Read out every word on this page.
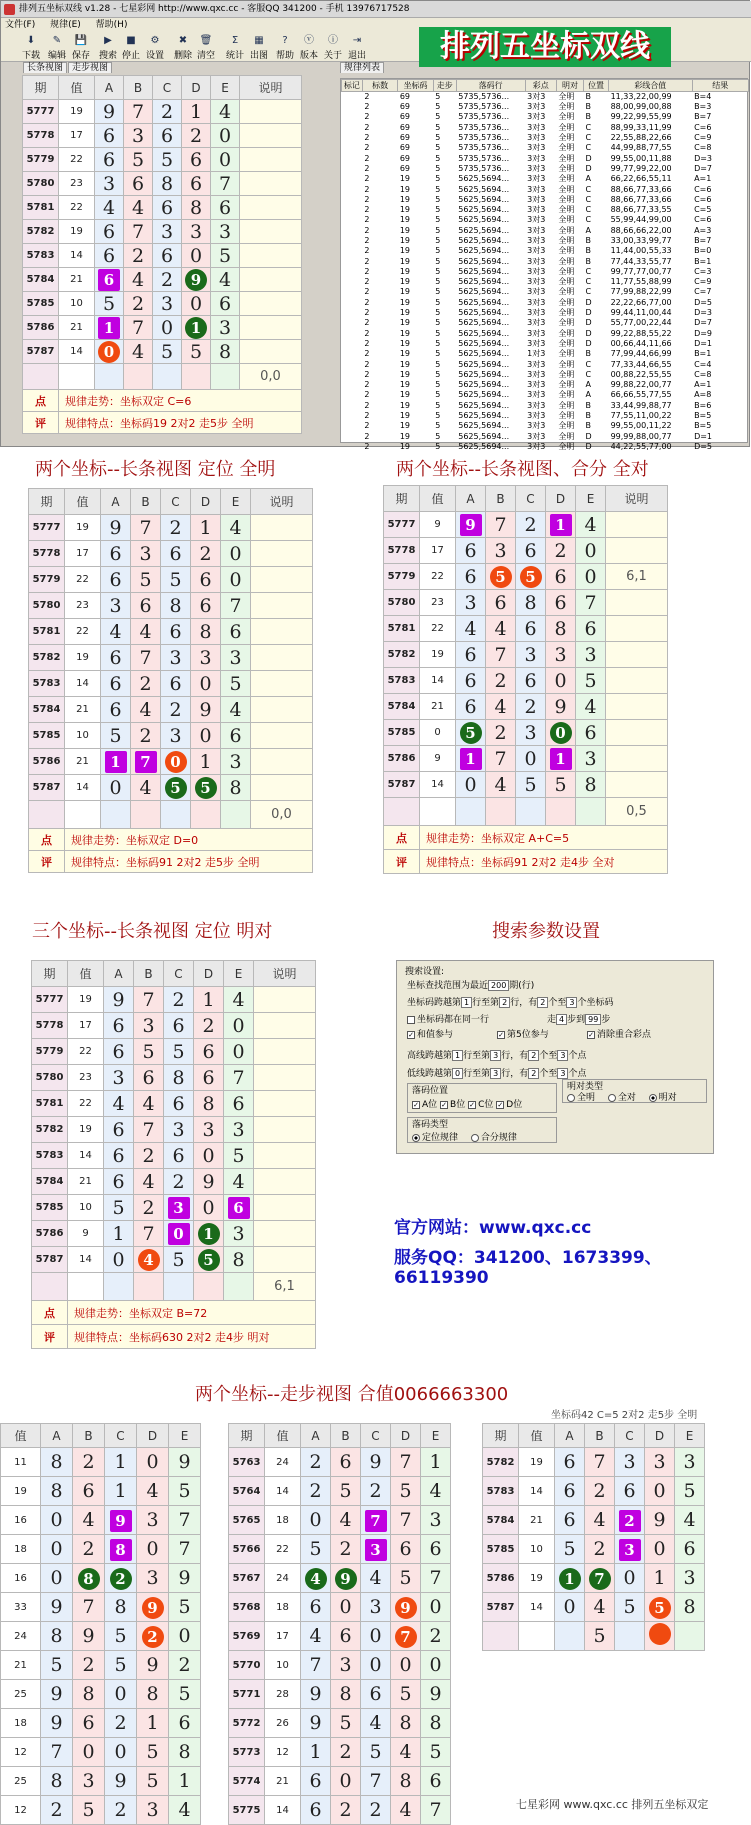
排列五坐标双线 v1.28 - 七星彩网 http://www.qxc.cc - 客服QQ 341200 - 手机 13976717528
文件(F) 规律(E) 帮助(H)
⬇
下载
✎
编辑
💾
保存
▶
搜索
■
停止
⚙
设置
✖
删除
🗑
清空
Σ
统计
▦
出图
?
帮助
ⓥ
版本
ⓘ
关于
⇥
退出	排列五坐标双线
长条视图 走步视图	规律列表
标记	标数	坐标码	走步	落码行	彩点	明对	位置	彩线合值	结果
	2	69	5	5735,5736...	3对3	全明	B	11,33,22,00,99	B=4
	2	69	5	5735,5736...	3对3	全明	B	88,00,99,00,88	B=3
	2	69	5	5735,5736...	3对3	全明	B	99,22,99,55,99	B=7
	2	69	5	5735,5736...	3对3	全明	C	88,99,33,11,99	C=6
	2	69	5	5735,5736...	3对3	全明	C	22,55,88,22,66	C=9
	2	69	5	5735,5736...	3对3	全明	C	44,99,88,77,55	C=8
	2	69	5	5735,5736...	3对3	全明	D	99,55,00,11,88	D=3
	2	69	5	5735,5736...	3对3	全明	D	99,77,99,22,00	D=7
	2	19	5	5625,5694...	3对3	全明	A	66,22,66,55,11	A=1
	2	19	5	5625,5694...	3对3	全明	C	88,66,77,33,66	C=6
	2	19	5	5625,5694...	3对3	全明	C	88,66,77,33,66	C=6
	2	19	5	5625,5694...	3对3	全明	C	88,66,77,33,55	C=5
	2	19	5	5625,5694...	3对3	全明	C	55,99,44,99,00	C=6
	2	19	5	5625,5694...	3对3	全明	A	88,66,66,22,00	A=3
	2	19	5	5625,5694...	3对3	全明	B	33,00,33,99,77	B=7
	2	19	5	5625,5694...	3对3	全明	B	11,44,00,55,33	B=0
	2	19	5	5625,5694...	3对3	全明	B	77,44,33,55,77	B=1
	2	19	5	5625,5694...	3对3	全明	C	99,77,77,00,77	C=3
	2	19	5	5625,5694...	3对3	全明	C	11,77,55,88,99	C=9
	2	19	5	5625,5694...	3对3	全明	C	77,99,88,22,99	C=7
	2	19	5	5625,5694...	3对3	全明	D	22,22,66,77,00	D=5
	2	19	5	5625,5694...	3对3	全明	D	99,44,11,00,44	D=3
	2	19	5	5625,5694...	3对3	全明	D	55,77,00,22,44	D=7
	2	19	5	5625,5694...	3对3	全明	D	99,22,88,55,22	D=9
	2	19	5	5625,5694...	3对3	全明	D	00,66,44,11,66	D=1
	2	19	5	5625,5694...	1对3	全明	B	77,99,44,66,99	B=1
	2	19	5	5625,5694...	3对3	全明	C	77,33,44,66,55	C=4
	2	19	5	5625,5694...	3对3	全明	C	00,88,22,55,55	C=8
	2	19	5	5625,5694...	3对3	全明	A	99,88,22,00,77	A=1
	2	19	5	5625,5694...	3对3	全明	A	66,66,55,77,55	A=8
	2	19	5	5625,5694...	3对3	全明	B	33,44,99,88,77	B=6
	2	19	5	5625,5694...	3对3	全明	B	77,55,11,00,22	B=5
	2	19	5	5625,5694...	3对3	全明	B	99,55,00,11,22	B=5
	2	19	5	5625,5694...	3对3	全明	D	99,99,88,00,77	D=1
	2	19	5	5625,5694...	3对3	全明	D	44,22,55,77,00	D=5
期	值	A	B	C	D	E	说明
5777	19	9	7	2	1	4	
5778	17	6	3	6	2	0	
5779	22	6	5	5	6	0	
5780	23	3	6	8	6	7	
5781	22	4	4	6	8	6	
5782	19	6	7	3	3	3	
5783	14	6	2	6	0	5	
5784	21	6	4	2	9	4	
5785	10	5	2	3	0	6	
5786	21	1	7	0	1	3	
5787	14	0	4	5	5	8	
							0,0
点	规律走势：坐标双定 C=6						
评	规律特点：坐标码19 2对2 走5步 全明						
两个坐标--长条视图 定位 全明	两个坐标--长条视图、合分 全对
期	值	A	B	C	D	E	说明
5777	19	9	7	2	1	4	
5778	17	6	3	6	2	0	
5779	22	6	5	5	6	0	
5780	23	3	6	8	6	7	
5781	22	4	4	6	8	6	
5782	19	6	7	3	3	3	
5783	14	6	2	6	0	5	
5784	21	6	4	2	9	4	
5785	10	5	2	3	0	6	
5786	21	1	7	0	1	3	
5787	14	0	4	5	5	8	
							0,0
点	规律走势：坐标双定 D=0						
评	规律特点：坐标码91 2对2 走5步 全明						
期	值	A	B	C	D	E	说明
5777	9	9	7	2	1	4	
5778	17	6	3	6	2	0	
5779	22	6	5	5	6	0	6,1
5780	23	3	6	8	6	7	
5781	22	4	4	6	8	6	
5782	19	6	7	3	3	3	
5783	14	6	2	6	0	5	
5784	21	6	4	2	9	4	
5785	0	5	2	3	0	6	
5786	9	1	7	0	1	3	
5787	14	0	4	5	5	8	
							0,5
点	规律走势：坐标双定 A+C=5						
评	规律特点：坐标码91 2对2 走4步 全对						
三个坐标--长条视图 定位 明对	搜索参数设置
期	值	A	B	C	D	E	说明
5777	19	9	7	2	1	4	
5778	17	6	3	6	2	0	
5779	22	6	5	5	6	0	
5780	23	3	6	8	6	7	
5781	22	4	4	6	8	6	
5782	19	6	7	3	3	3	
5783	14	6	2	6	0	5	
5784	21	6	4	2	9	4	
5785	10	5	2	3	0	6	
5786	9	1	7	0	1	3	
5787	14	0	4	5	5	8	
							6,1
点	规律走势：坐标双定 B=72						
评	规律特点：坐标码630 2对2 走4步 明对						
搜索设置:
坐标查找范围为最近 200 期(行)
坐标码跨越第 1 行至第 2 行，有 2 个至 3 个坐标码
坐标码都在同一行	走 4 步到 99 步
✓ 和值参与	✓ 第5位参与	✓ 消除重合彩点
高线跨越第 1 行至第 3 行，有 2 个至 3 个点
低线跨越第 0 行至第 3 行，有 2 个至 3 个点
落码位置
✓ A位 ✓ B位 ✓ C位 ✓ D位
明对类型
全明	全对	明对
落码类型
定位规律	合分规律
官方网站：www.qxc.cc
服务QQ：341200、1673399、66119390
两个坐标--走步视图 合值0066663300
坐标码42 C=5 2对2 走5步 全明
值	A	B	C	D	E
11	8	2	1	0	9
19	8	6	1	4	5
16	0	4	9	3	7
18	0	2	8	0	7
16	0	8	2	3	9
33	9	7	8	9	5
24	8	9	5	2	0
21	5	2	5	9	2
25	9	8	0	8	5
18	9	6	2	1	6
12	7	0	0	5	8
25	8	3	9	5	1
12	2	5	2	3	4
期	值	A	B	C	D	E
5763	24	2	6	9	7	1
5764	14	2	5	2	5	4
5765	18	0	4	7	7	3
5766	22	5	2	3	6	6
5767	24	4	9	4	5	7
5768	18	6	0	3	9	0
5769	17	4	6	0	7	2
5770	10	7	3	0	0	0
5771	28	9	8	6	5	9
5772	26	9	5	4	8	8
5773	12	1	2	5	4	5
5774	21	6	0	7	8	6
5775	14	6	2	2	4	7
期	值	A	B	C	D	E
5782	19	6	7	3	3	3
5783	14	6	2	6	0	5
5784	21	6	4	2	9	4
5785	10	5	2	3	0	6
5786	19	1	7	0	1	3
5787	14	0	4	5	5	8
			5			
七星彩网 www.qxc.cc 排列五坐标双定
